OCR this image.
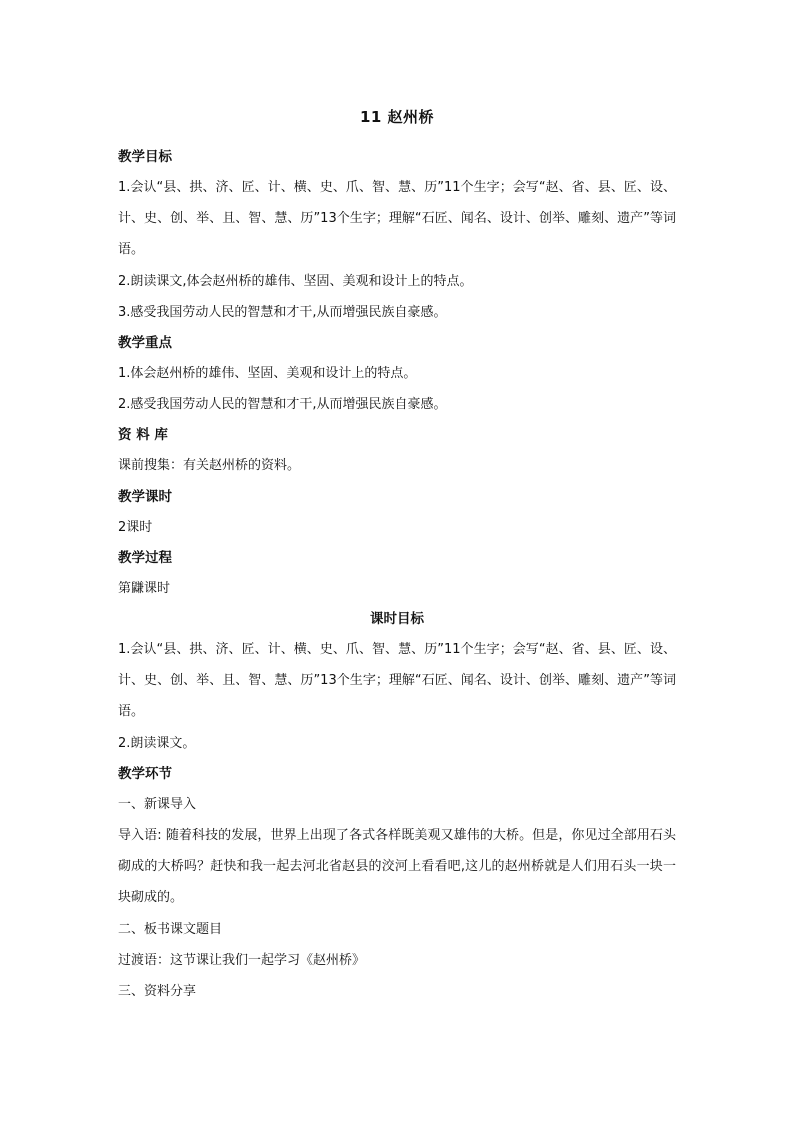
11 赵州桥
教学目标

1.会认“县、拱、济、匠、计、横、史、爪、智、慧、历”11个生字；会写“赵、省、县、匠、设、计、史、创、举、且、智、慧、历”13个生字；理解“石匠、闻名、设计、创举、雕刻、遗产”等词语。

2.朗读课文,体会赵州桥的雄伟、坚固、美观和设计上的特点。

3.感受我国劳动人民的智慧和才干,从而增强民族自豪感。

教学重点

1.体会赵州桥的雄伟、坚固、美观和设计上的特点。

2.感受我国劳动人民的智慧和才干,从而增强民族自豪感。

资 料 库

课前搜集：有关赵州桥的资料。

教学课时

2课时

教学过程

第鼸课时

课时目标

1.会认“县、拱、济、匠、计、横、史、爪、智、慧、历”11个生字；会写“赵、省、县、匠、设、计、史、创、举、且、智、慧、历”13个生字；理解“石匠、闻名、设计、创举、雕刻、遗产”等词语。

2.朗读课文。

教学环节

一、新课导入

导入语: 随着科技的发展，世界上出现了各式各样既美观又雄伟的大桥。但是，你见过全部用石头砌成的大桥吗？赶快和我一起去河北省赵县的洨河上看看吧,这儿的赵州桥就是人们用石头一块一块砌成的。

二、板书课文题目

过渡语：这节课让我们一起学习《赵州桥》

三、资料分享
